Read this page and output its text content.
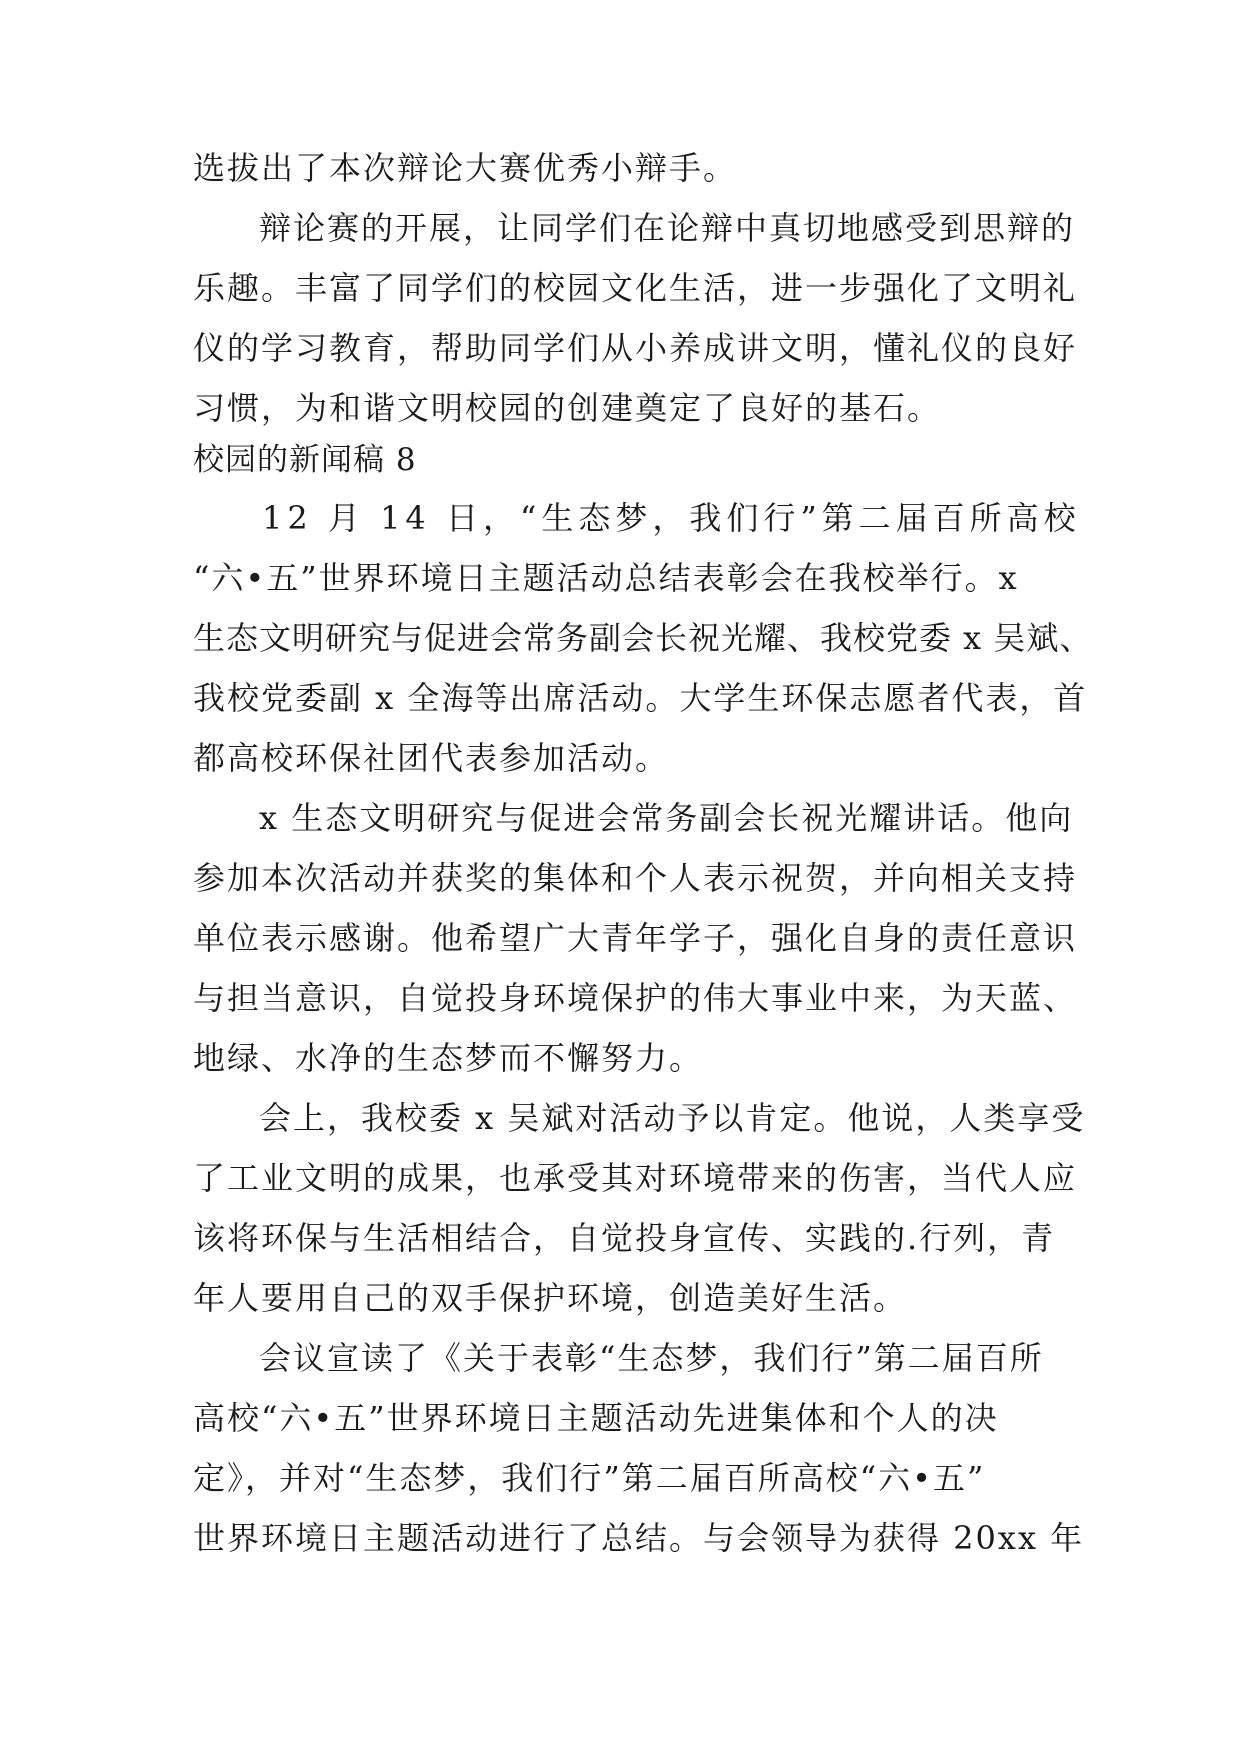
选拔出了本次辩论大赛优秀小辩手。
辩论赛的开展，让同学们在论辩中真切地感受到思辩的
乐趣。丰富了同学们的校园文化生活，进一步强化了文明礼
仪的学习教育，帮助同学们从小养成讲文明，懂礼仪的良好
习惯，为和谐文明校园的创建奠定了良好的基石。
校园的新闻稿 8
12 月 14 日，“生态梦，我们行”第二届百所高校
“六•五”世界环境日主题活动总结表彰会在我校举行。x
生态文明研究与促进会常务副会长祝光耀、我校党委 x 吴斌、
我校党委副 x 全海等出席活动。大学生环保志愿者代表，首
都高校环保社团代表参加活动。
x 生态文明研究与促进会常务副会长祝光耀讲话。他向
参加本次活动并获奖的集体和个人表示祝贺，并向相关支持
单位表示感谢。他希望广大青年学子，强化自身的责任意识
与担当意识，自觉投身环境保护的伟大事业中来，为天蓝、
地绿、水净的生态梦而不懈努力。
会上，我校委 x 吴斌对活动予以肯定。他说，人类享受
了工业文明的成果，也承受其对环境带来的伤害，当代人应
该将环保与生活相结合，自觉投身宣传、实践的.行列，青
年人要用自己的双手保护环境，创造美好生活。
会议宣读了《关于表彰“生态梦，我们行”第二届百所
高校“六•五”世界环境日主题活动先进集体和个人的决
定》，并对“生态梦，我们行”第二届百所高校“六•五”
世界环境日主题活动进行了总结。与会领导为获得 20xx 年
